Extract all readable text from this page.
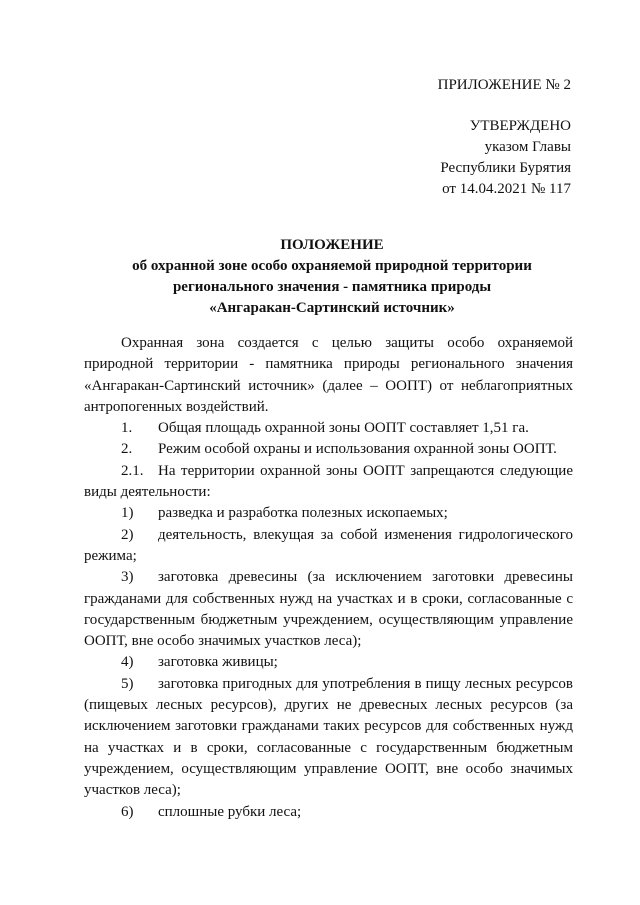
ПРИЛОЖЕНИЕ № 2
УТВЕРЖДЕНО
указом Главы
Республики Бурятия
от 14.04.2021 № 117
ПОЛОЖЕНИЕ
об охранной зоне особо охраняемой природной территории
регионального значения - памятника природы
«Ангаракан-Сартинский источник»

Охранная зона создается с целью защиты особо охраняемой природной территории - памятника природы регионального значения «Ангаракан-Сартинский источник» (далее – ООПТ) от неблагоприятных антропогенных воздействий.

1.	Общая площадь охранной зоны ООПТ составляет 1,51 га.
2.	Режим особой охраны и использования охранной зоны ООПТ.

2.1. На территории охранной зоны ООПТ запрещаются следующие виды деятельности:

1)	разведка и разработка полезных ископаемых;

2) деятельность, влекущая за собой изменения гидрологического режима;

3) заготовка древесины (за исключением заготовки древесины гражданами для собственных нужд на участках и в сроки, согласованные с государственным бюджетным учреждением, осуществляющим управление ООПТ, вне особо значимых участков леса);

4)	заготовка живицы;

5) заготовка пригодных для употребления в пищу лесных ресурсов (пищевых лесных ресурсов), других не древесных лесных ресурсов (за исключением заготовки гражданами таких ресурсов для собственных нужд на участках и в сроки, согласованные с государственным бюджетным учреждением, осуществляющим управление ООПТ, вне особо значимых участков леса);

6)	сплошные рубки леса;
